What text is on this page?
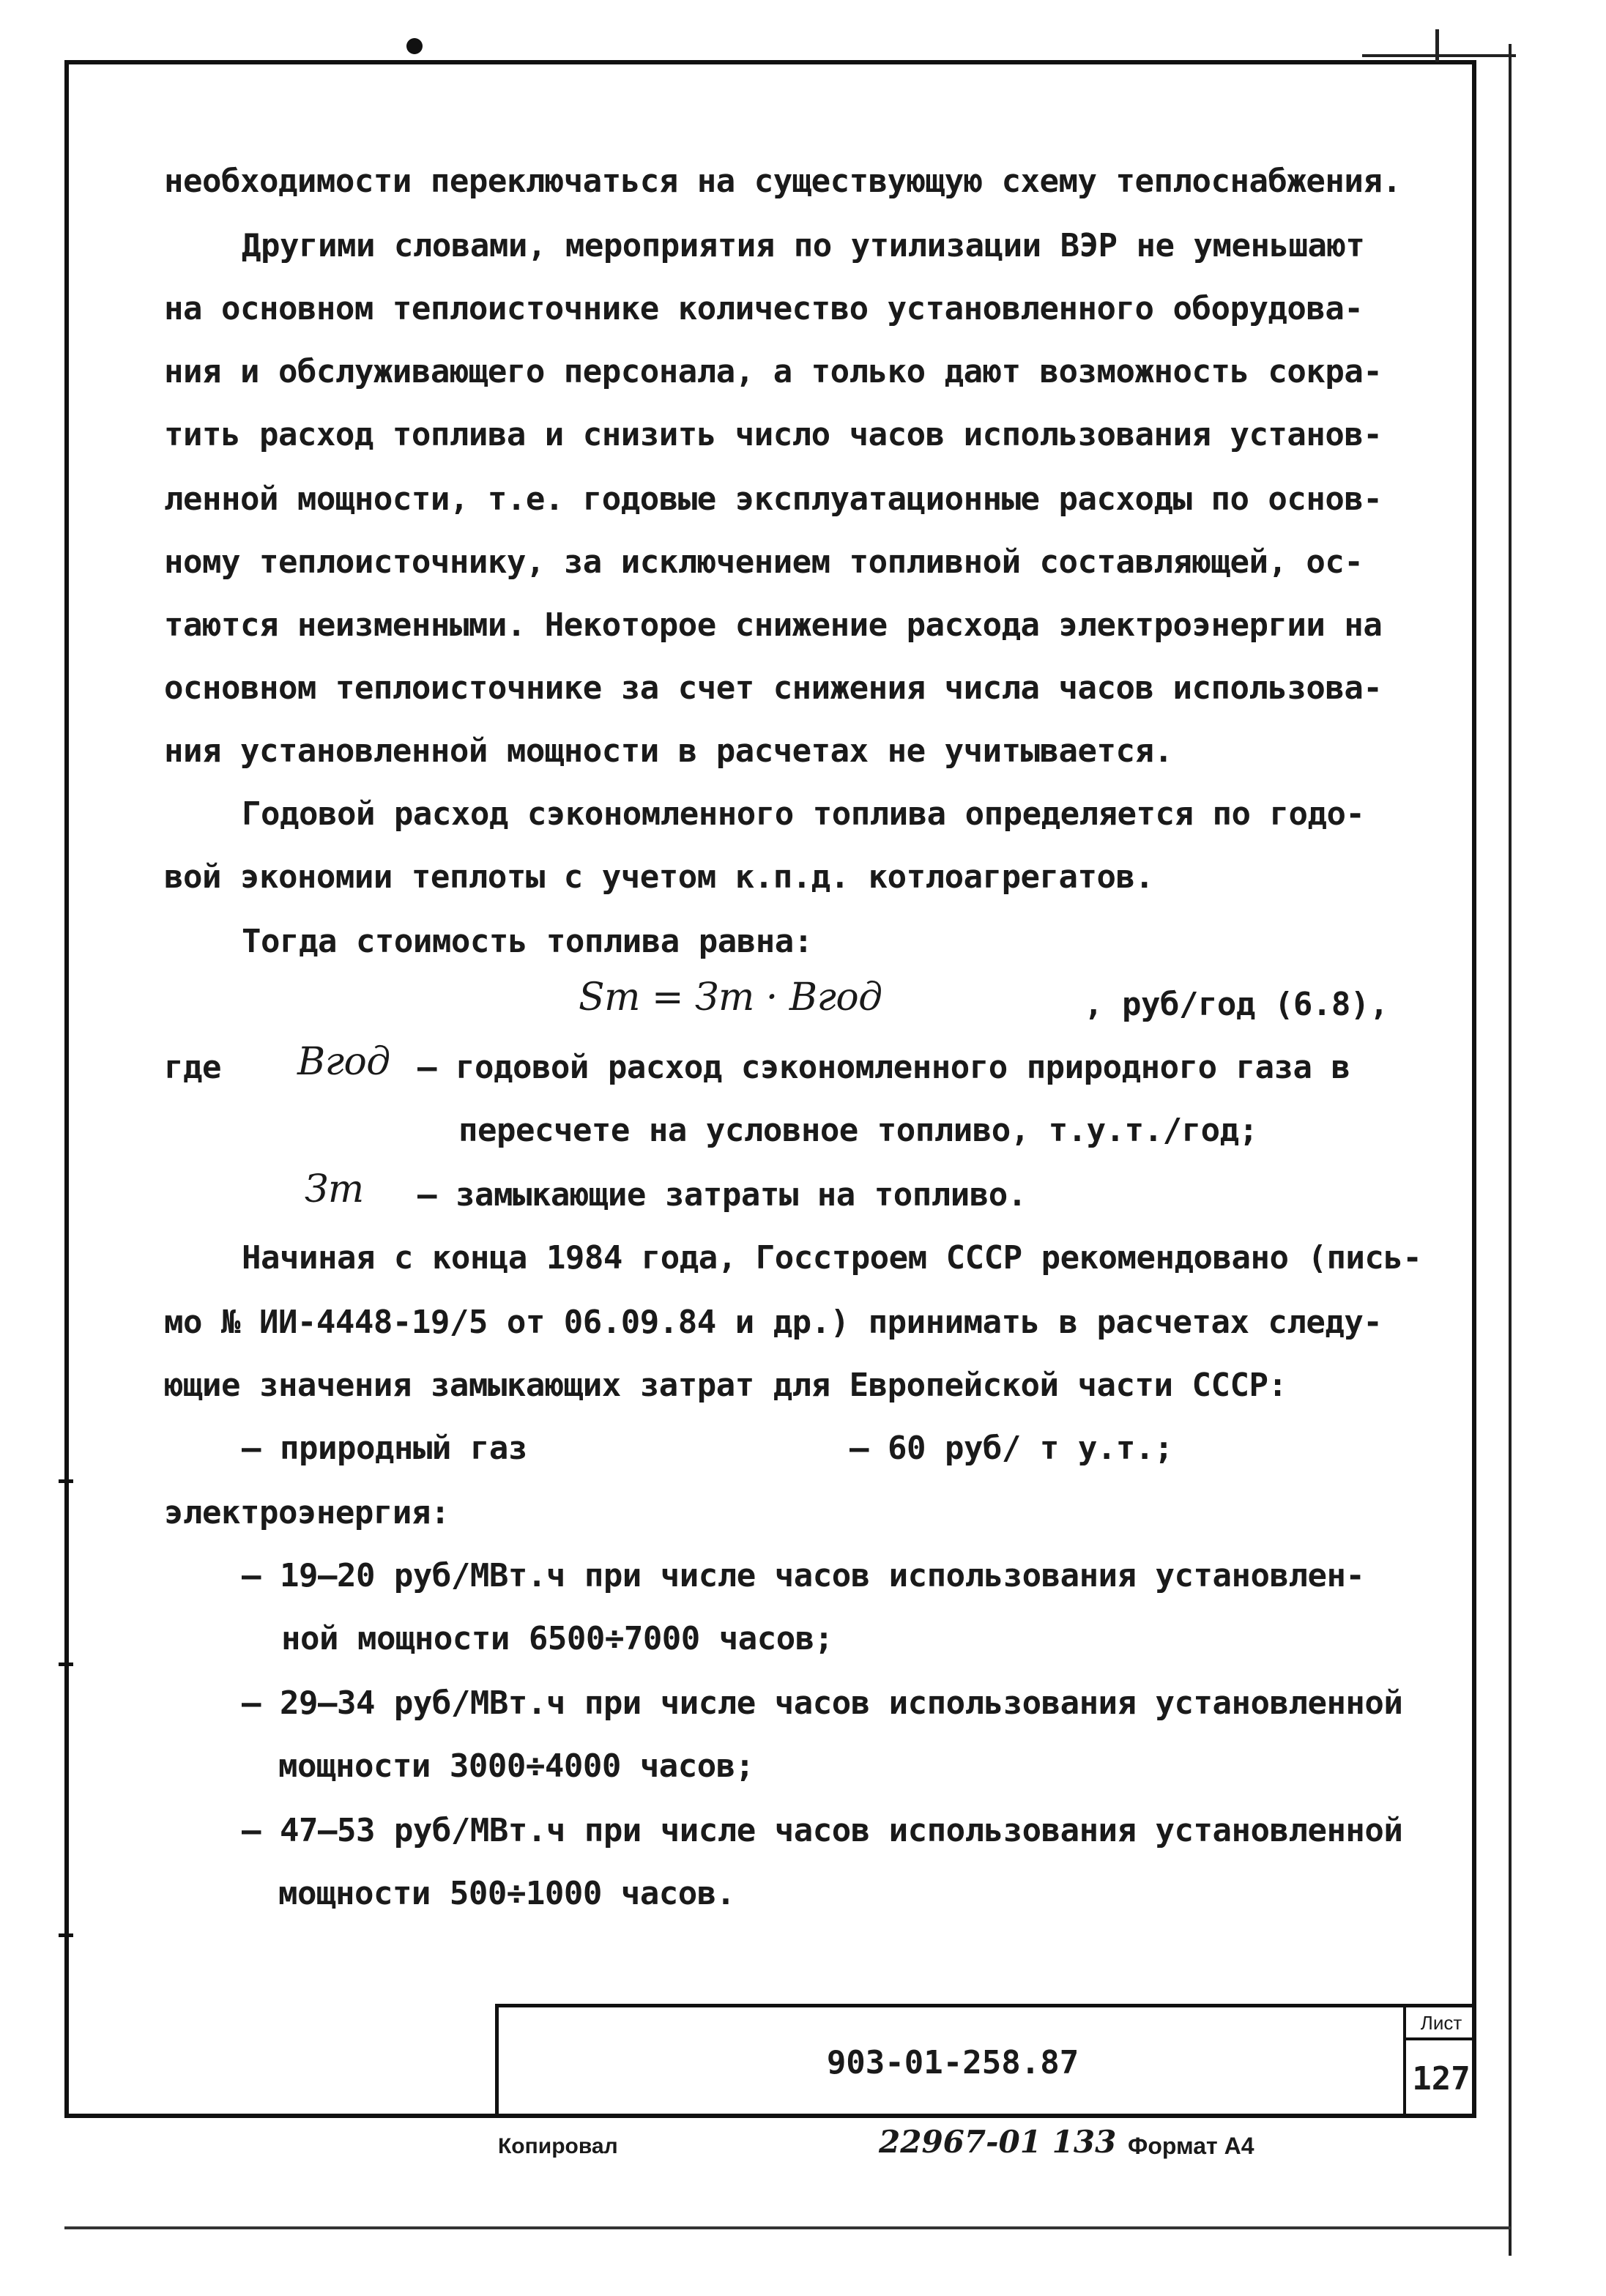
необходимости переключаться на существующую схему теплоснабжения.
Другими словами, мероприятия по утилизации ВЭР не уменьшают
на основном теплоисточнике количество установленного оборудова-
ния и обслуживающего персонала, а только дают возможность сокра-
тить расход топлива и снизить число часов использования установ-
ленной мощности, т.е. годовые эксплуатационные расходы по основ-
ному теплоисточнику, за исключением топливной составляющей, ос-
таются неизменными. Некоторое снижение расхода электроэнергии на
основном теплоисточнике за счет снижения числа часов использова-
ния установленной мощности в расчетах не учитывается.
Годовой расход сэкономленного топлива определяется по годо-
вой экономии теплоты с учетом к.п.д. котлоагрегатов.
Тогда стоимость топлива равна:
Sт = Зт · Вгод	, руб/год (6.8),
где Вгод – годовой расход сэкономленного природного газа в
пересчете на условное топливо, т.у.т./год;
Зт – замыкающие затраты на топливо.
Начиная с конца 1984 года, Госстроем СССР рекомендовано (пись-
мо № ИИ-4448-19/5 от 06.09.84 и др.) принимать в расчетах следу-
ющие значения замыкающих затрат для Европейской части СССР:
– природный газ	– 60 руб/ т у.т.;
электроэнергия:
– 19–20 руб/МВт.ч при числе часов использования установлен-
ной мощности 6500÷7000 часов;
– 29–34 руб/МВт.ч при числе часов использования установленной
мощности 3000÷4000 часов;
– 47–53 руб/МВт.ч при числе часов использования установленной
мощности 500÷1000 часов.
903-01-258.87
Лист
127
Копировал	22967-01 133 Формат А4
